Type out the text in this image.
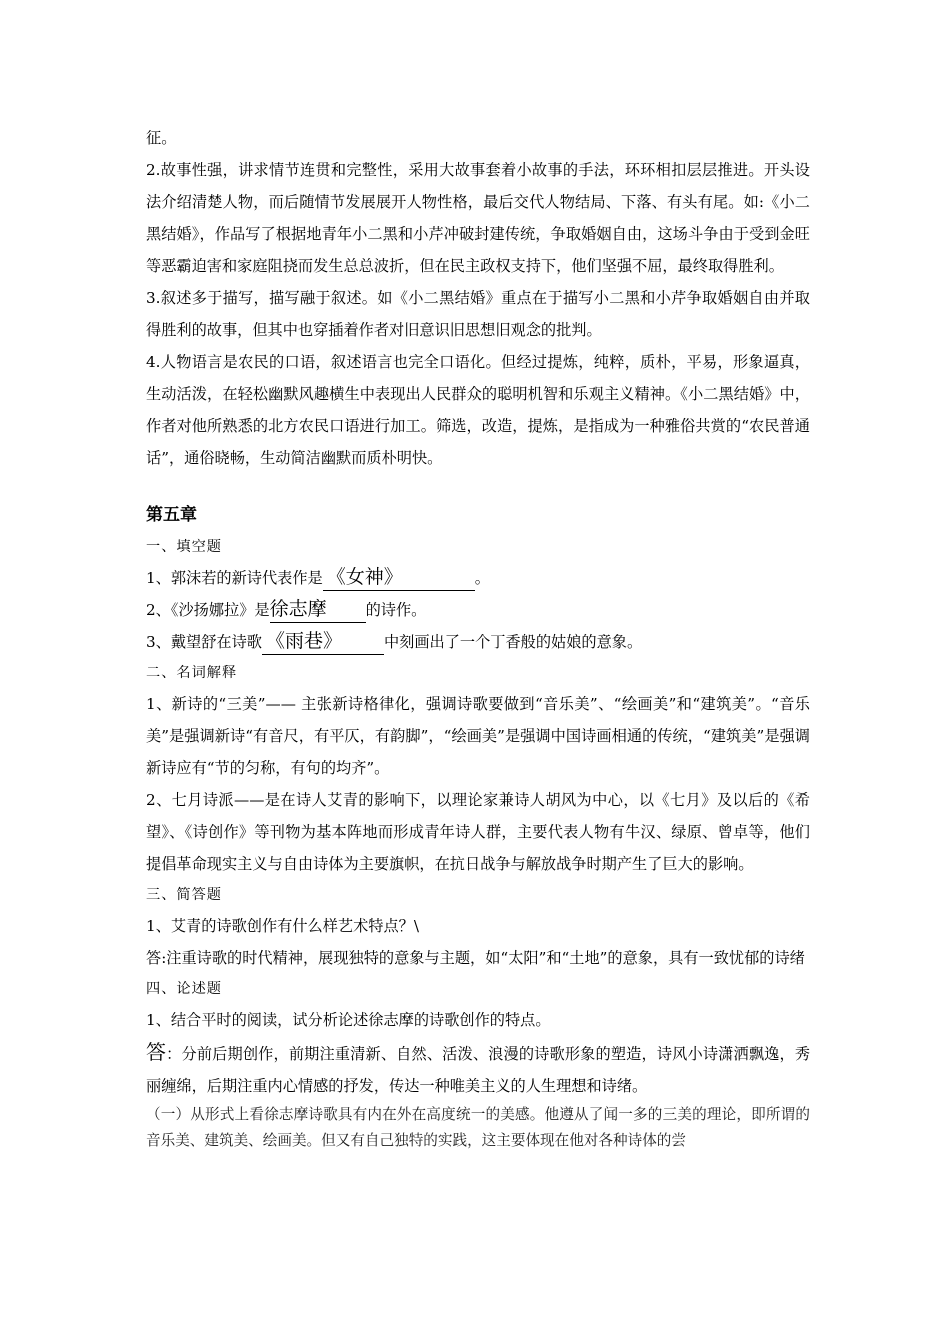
征。

2.故事性强，讲求情节连贯和完整性，采用大故事套着小故事的手法，环环相扣层层推进。开头设法介绍清楚人物，而后随情节发展展开人物性格，最后交代人物结局、下落、有头有尾。如:《小二黑结婚》，作品写了根据地青年小二黑和小芹冲破封建传统，争取婚姻自由，这场斗争由于受到金旺等恶霸迫害和家庭阻挠而发生总总波折，但在民主政权支持下，他们坚强不屈，最终取得胜利。

3.叙述多于描写，描写融于叙述。如《小二黑结婚》重点在于描写小二黑和小芹争取婚姻自由并取得胜利的故事，但其中也穿插着作者对旧意识旧思想旧观念的批判。

4.人物语言是农民的口语，叙述语言也完全口语化。但经过提炼，纯粹，质朴，平易，形象逼真，生动活泼，在轻松幽默风趣横生中表现出人民群众的聪明机智和乐观主义精神。《小二黑结婚》中，作者对他所熟悉的北方农民口语进行加工。筛选，改造，提炼，是指成为一种雅俗共赏的“农民普通话”，通俗晓畅，生动简洁幽默而质朴明快。

第五章
一、填空题

1、郭沫若的新诗代表作是 《女神》	。

2、《沙扬娜拉》是徐志摩	的诗作。

3、戴望舒在诗歌 《雨巷》	中刻画出了一个丁香般的姑娘的意象。

二、名词解释

1、新诗的“三美”—— 主张新诗格律化，强调诗歌要做到“音乐美”、“绘画美”和“建筑美”。“音乐美”是强调新诗“有音尺，有平仄，有韵脚”，“绘画美”是强调中国诗画相通的传统，“建筑美”是强调新诗应有“节的匀称，有句的均齐”。

2、七月诗派——是在诗人艾青的影响下，以理论家兼诗人胡风为中心，以《七月》及以后的《希望》、《诗创作》等刊物为基本阵地而形成青年诗人群，主要代表人物有牛汉、绿原、曾卓等，他们提倡革命现实主义与自由诗体为主要旗帜，在抗日战争与解放战争时期产生了巨大的影响。

三、简答题

1、艾青的诗歌创作有什么样艺术特点？\

答:注重诗歌的时代精神，展现独特的意象与主题，如“太阳”和“土地”的意象，具有一致忧郁的诗绪

四、论述题

1、结合平时的阅读，试分析论述徐志摩的诗歌创作的特点。

答：分前后期创作，前期注重清新、自然、活泼、浪漫的诗歌形象的塑造，诗风小诗潇洒飘逸，秀丽缠绵，后期注重内心情感的抒发，传达一种唯美主义的人生理想和诗绪。

（一）从形式上看徐志摩诗歌具有内在外在高度统一的美感。他遵从了闻一多的三美的理论，即所谓的音乐美、建筑美、绘画美。但又有自己独特的实践，这主要体现在他对各种诗体的尝
